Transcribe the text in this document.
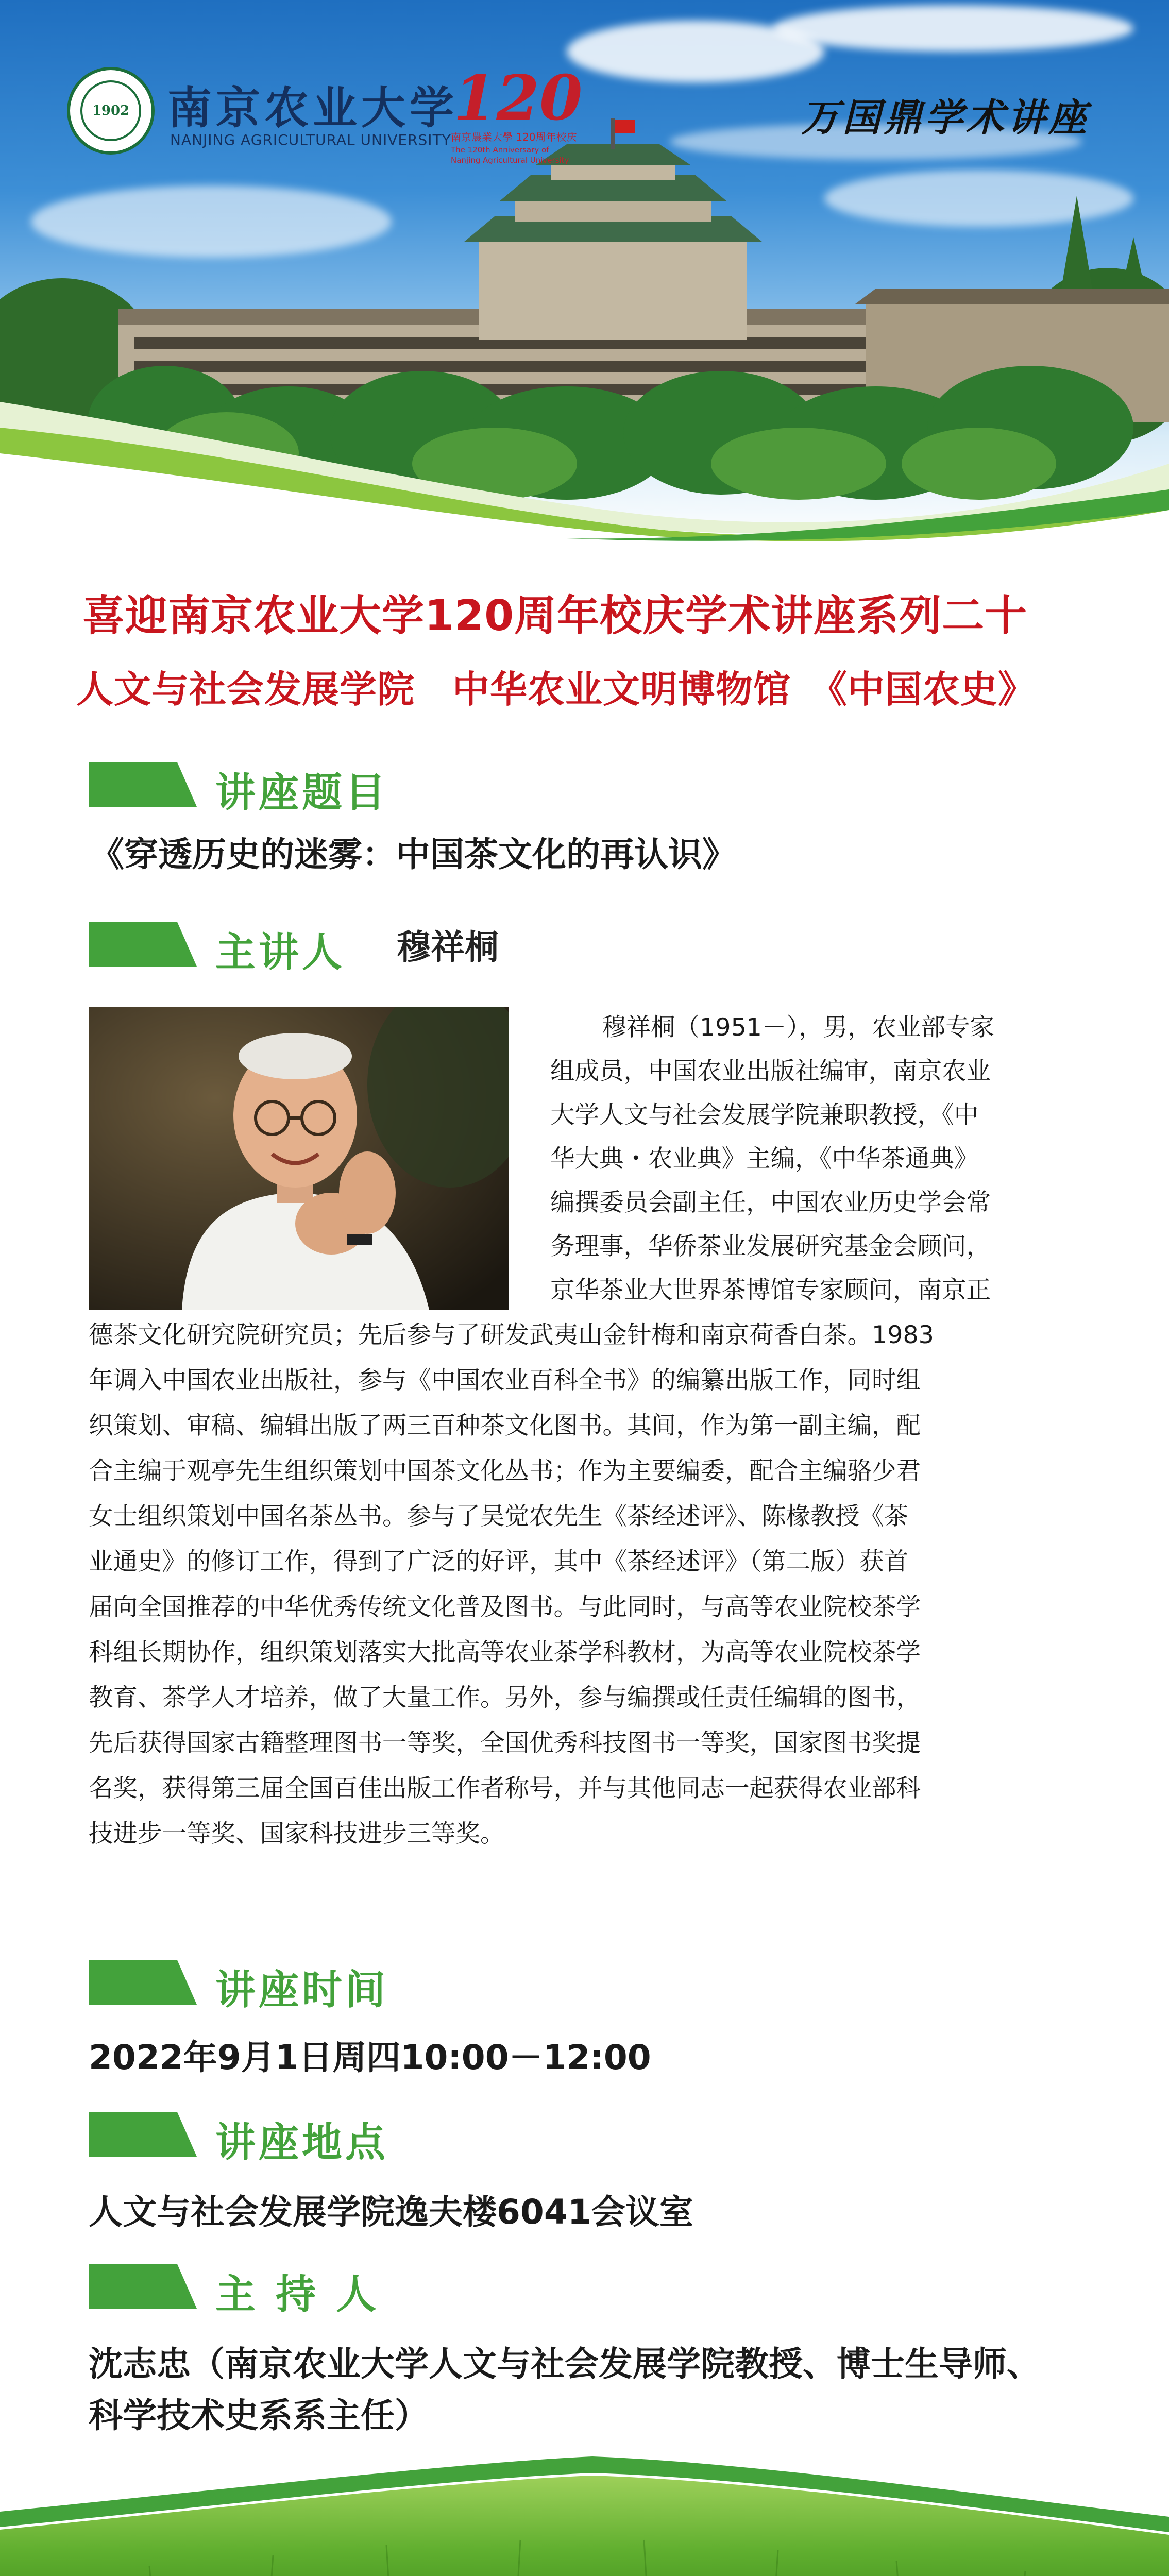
1902 南京农业大学
NANJING AGRICULTURAL UNIVERSITY
120
南京農業大學 120周年校庆
The 120th Anniversary of
Nanjing Agricultural University
万国鼎学术讲座
喜迎南京农业大学120周年校庆学术讲座系列二十
人文与社会发展学院　中华农业文明博物馆　《中国农史》
讲座题目
《穿透历史的迷雾：中国茶文化的再认识》
主讲人 穆祥桐
穆祥桐（1951－），男，农业部专家
组成员，中国农业出版社编审，南京农业
大学人文与社会发展学院兼职教授，《中
华大典・农业典》主编，《中华茶通典》
编撰委员会副主任，中国农业历史学会常
务理事，华侨茶业发展研究基金会顾问，
京华茶业大世界茶博馆专家顾问，南京正
德茶文化研究院研究员；先后参与了研发武夷山金针梅和南京荷香白茶。1983
年调入中国农业出版社，参与《中国农业百科全书》的编纂出版工作，同时组
织策划、审稿、编辑出版了两三百种茶文化图书。其间，作为第一副主编，配
合主编于观亭先生组织策划中国茶文化丛书；作为主要编委，配合主编骆少君
女士组织策划中国名茶丛书。参与了吴觉农先生《茶经述评》、陈椽教授《茶
业通史》的修订工作，得到了广泛的好评，其中《茶经述评》（第二版）获首
届向全国推荐的中华优秀传统文化普及图书。与此同时，与高等农业院校茶学
科组长期协作，组织策划落实大批高等农业茶学科教材，为高等农业院校茶学
教育、茶学人才培养，做了大量工作。另外，参与编撰或任责任编辑的图书，
先后获得国家古籍整理图书一等奖，全国优秀科技图书一等奖，国家图书奖提
名奖，获得第三届全国百佳出版工作者称号，并与其他同志一起获得农业部科
技进步一等奖、国家科技进步三等奖。
讲座时间
2022年9月1日周四10:00－12:00
讲座地点
人文与社会发展学院逸夫楼6041会议室
主 持 人
沈志忠（南京农业大学人文与社会发展学院教授、博士生导师、
科学技术史系系主任）
